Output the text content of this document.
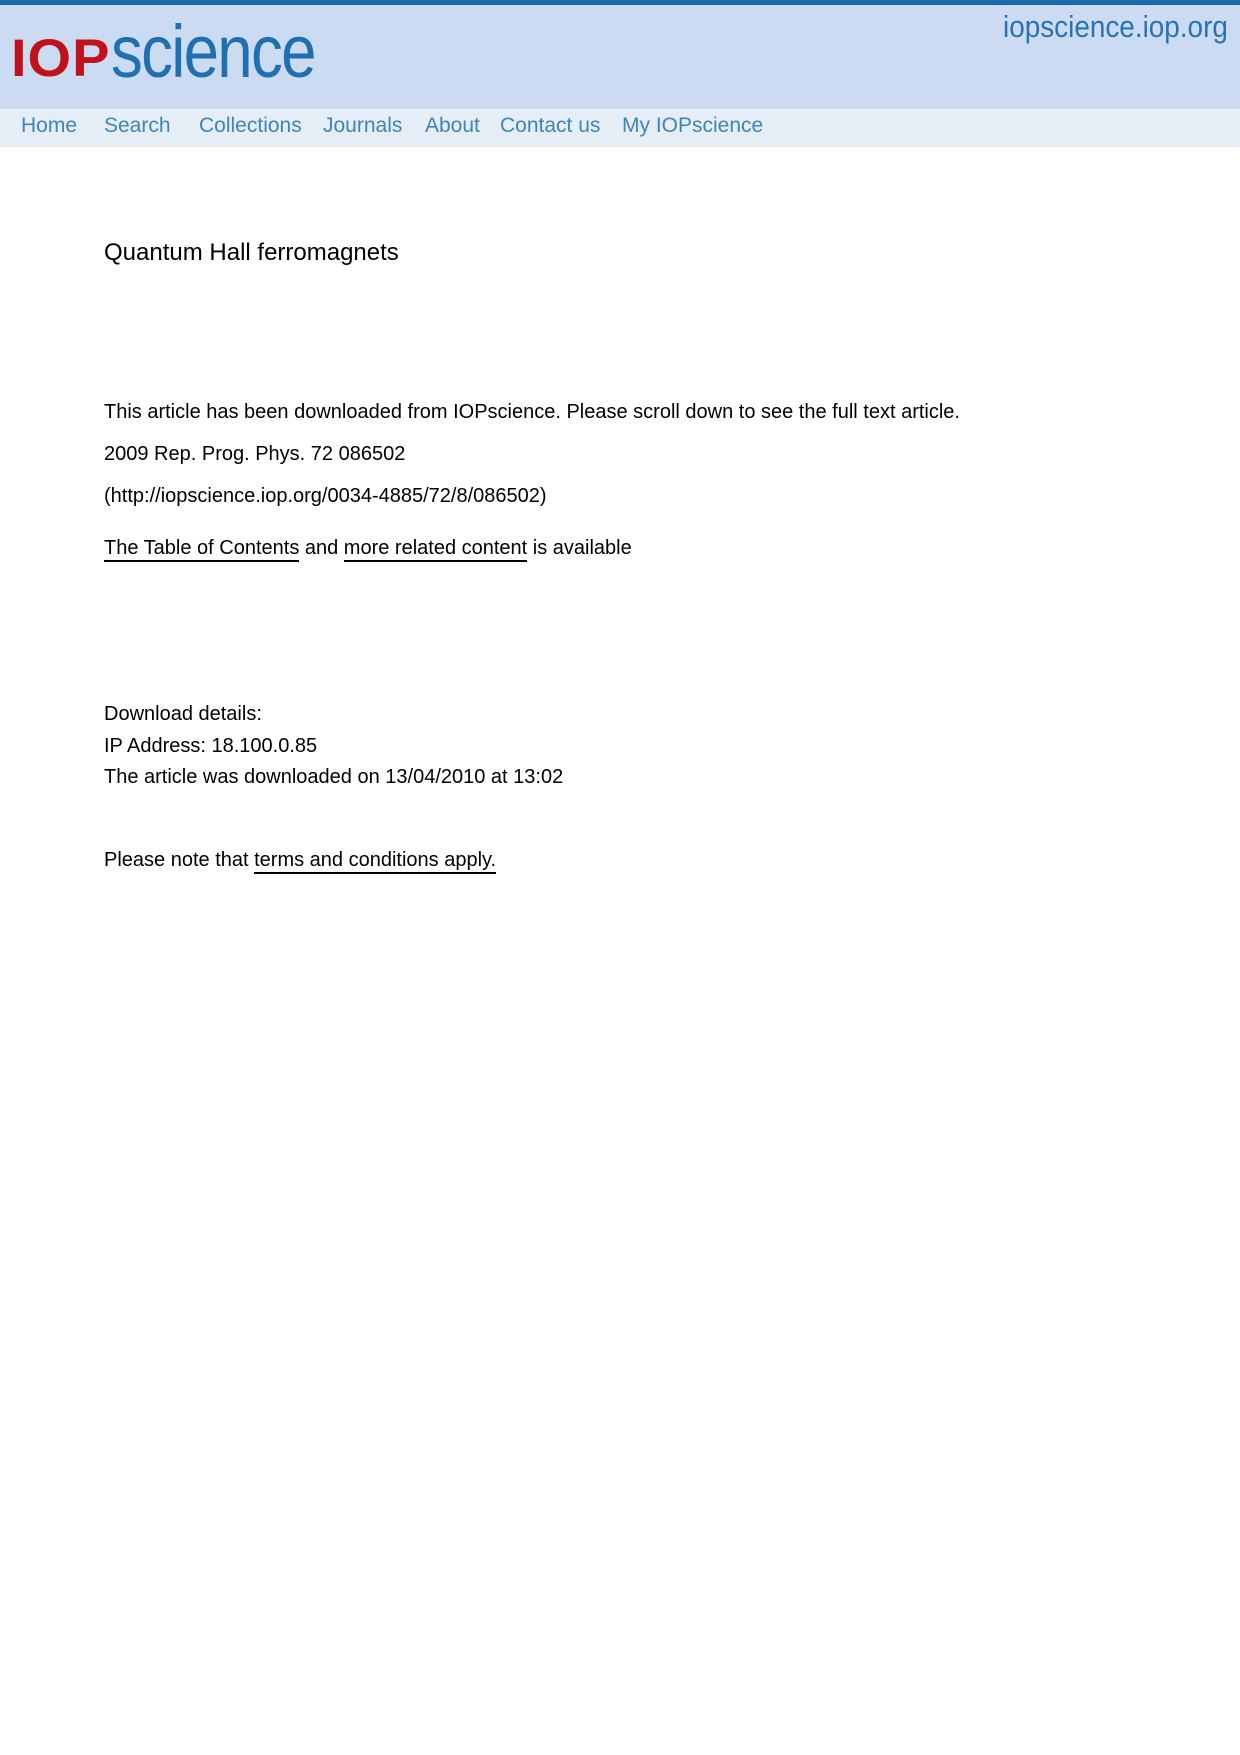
IOP science	iopscience.iop.org
Home Search Collections Journals About Contact us My IOPscience
Quantum Hall ferromagnets
This article has been downloaded from IOPscience. Please scroll down to see the full text article.
2009 Rep. Prog. Phys. 72 086502
(http://iopscience.iop.org/0034-4885/72/8/086502)
The Table of Contents and more related content is available
Download details:
IP Address: 18.100.0.85
The article was downloaded on 13/04/2010 at 13:02
Please note that terms and conditions apply.
